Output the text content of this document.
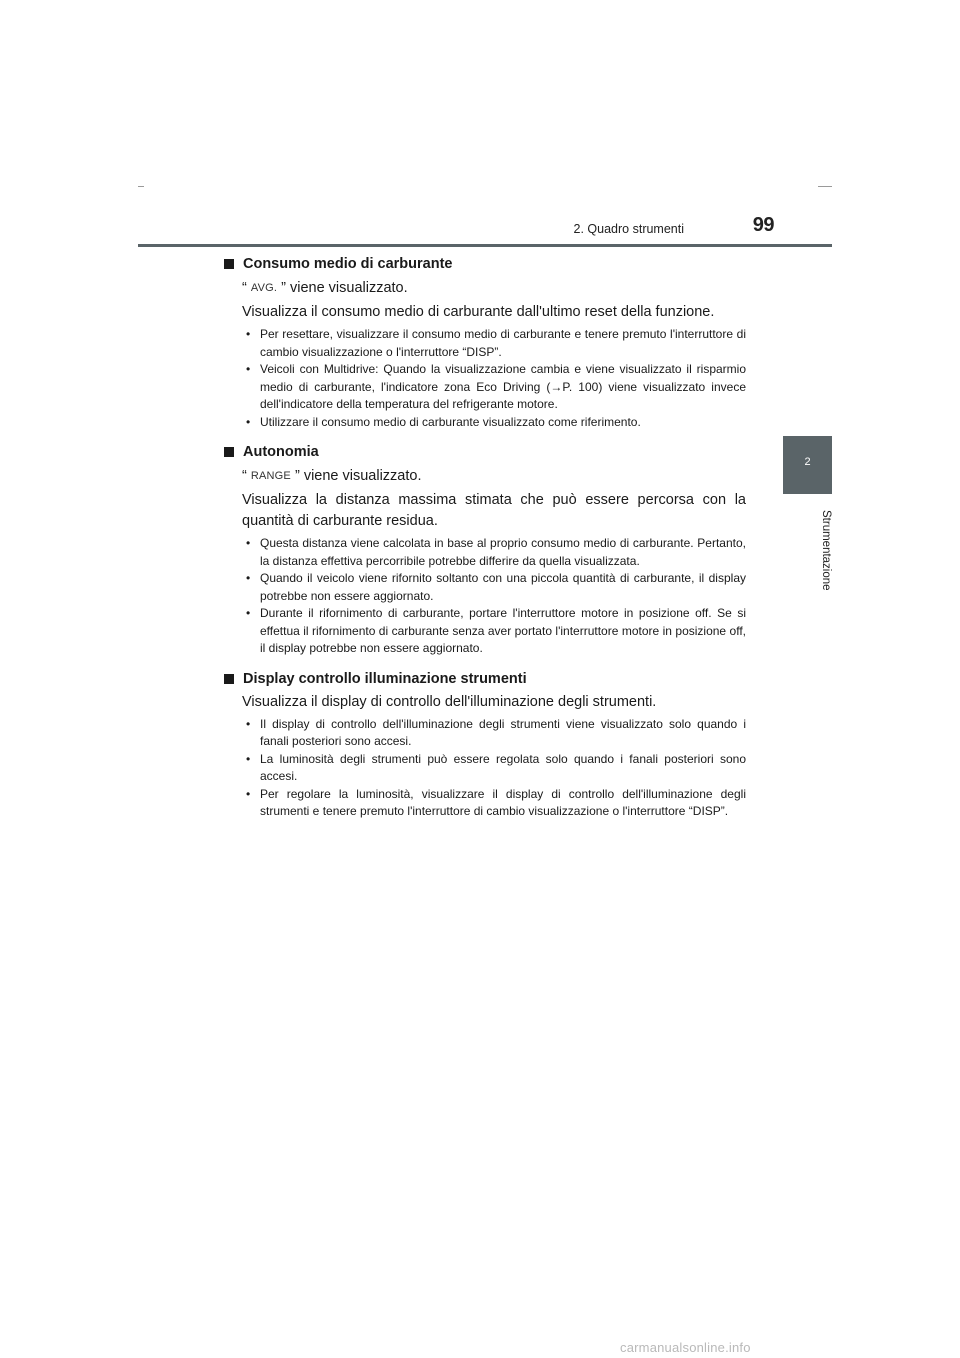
2. Quadro strumenti	99
2
Strumentazione
Consumo medio di carburante
“ AVG. ” viene visualizzato.
Visualizza il consumo medio di carburante dall'ultimo reset della funzione.
• Per resettare, visualizzare il consumo medio di carburante e tenere premuto l'interruttore di cambio visualizzazione o l'interruttore “DISP”.
• Veicoli con Multidrive: Quando la visualizzazione cambia e viene visualizzato il risparmio medio di carburante, l'indicatore zona Eco Driving (→P. 100) viene visualizzato invece dell'indicatore della temperatura del refrigerante motore.
• Utilizzare il consumo medio di carburante visualizzato come riferimento.
Autonomia
“ RANGE ” viene visualizzato.
Visualizza la distanza massima stimata che può essere percorsa con la quantità di carburante residua.
• Questa distanza viene calcolata in base al proprio consumo medio di carburante. Pertanto, la distanza effettiva percorribile potrebbe differire da quella visualizzata.
• Quando il veicolo viene rifornito soltanto con una piccola quantità di carburante, il display potrebbe non essere aggiornato.
• Durante il rifornimento di carburante, portare l'interruttore motore in posizione off. Se si effettua il rifornimento di carburante senza aver portato l'interruttore motore in posizione off, il display potrebbe non essere aggiornato.
Display controllo illuminazione strumenti
Visualizza il display di controllo dell'illuminazione degli strumenti.
• Il display di controllo dell'illuminazione degli strumenti viene visualizzato solo quando i fanali posteriori sono accesi.
• La luminosità degli strumenti può essere regolata solo quando i fanali posteriori sono accesi.
• Per regolare la luminosità, visualizzare il display di controllo dell'illuminazione degli strumenti e tenere premuto l'interruttore di cambio visualizzazione o l'interruttore “DISP”.
carmanualsonline.info
